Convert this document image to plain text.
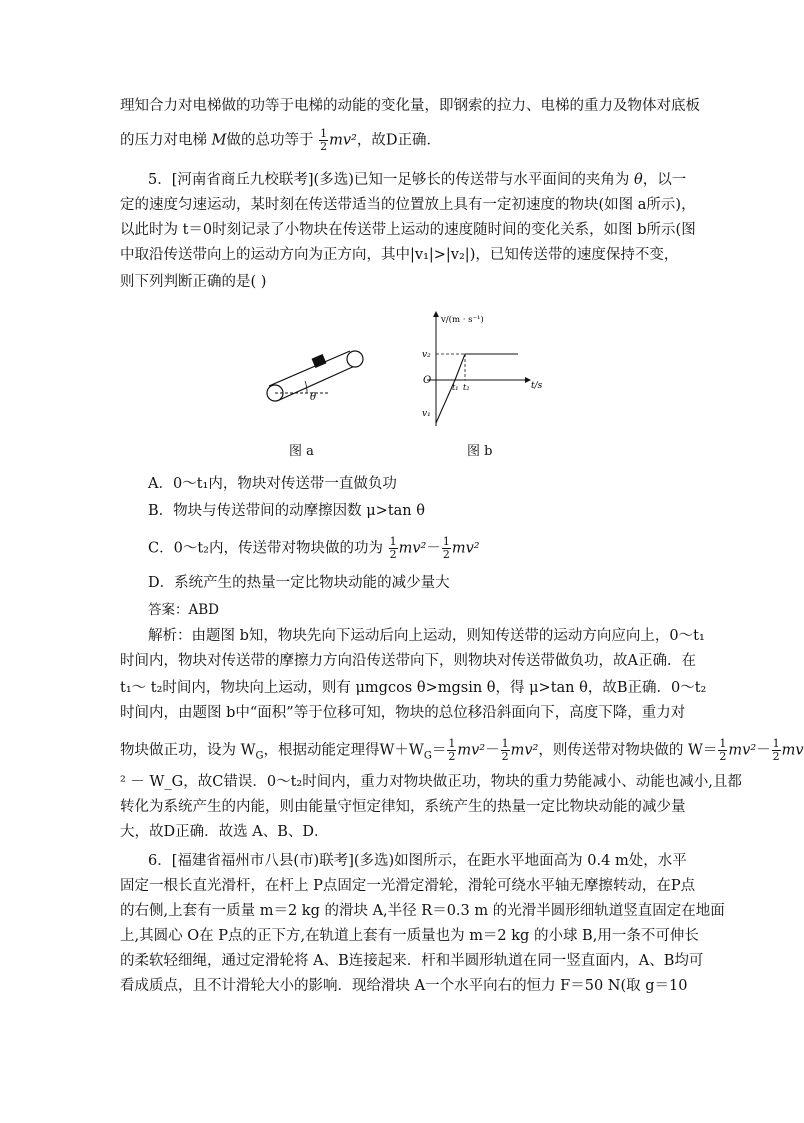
理知合力对电梯做的功等于电梯的动能的变化量，即钢索的拉力、电梯的重力及物体对底板
的压力对电梯 M做的总功等于 $\frac{1}{2} mv^2$，故D正确．
5．[河南省商丘九校联考](多选)已知一足够长的传送带与水平面间的夹角为 θ，以一
定的速度匀速运动，某时刻在传送带适当的位置放上具有一定初速度的物块(如图 a所示)，
以此时为 t＝0时刻记录了小物块在传送带上运动的速度随时间的变化关系，如图 b所示(图
中取沿传送带向上的运动方向为正方向，其中|v₁|>|v₂|)，已知传送带的速度保持不变，
则下列判断正确的是( )
θ
图 a
v/(m · s⁻¹)
t/s
O
v₂
v₁
t₁ t₂
图 b
A．0～t₁内，物块对传送带一直做负功
B．物块与传送带间的动摩擦因数 μ>tan θ
C．0～t₂内，传送带对物块做的功为 $\frac{1}{2} mv^2- \frac{1}{2} mv^2$
D．系统产生的热量一定比物块动能的减少量大
答案：ABD
解析：由题图 b知，物块先向下运动后向上运动，则知传送带的运动方向应向上，0～t₁
时间内，物块对传送带的摩擦力方向沿传送带向下，则物块对传送带做负功，故A正确．在
t₁～ t₂时间内，物块向上运动，则有 μmgcos θ>mgsin θ，得 μ>tan θ，故B正确．0～t₂
时间内，由题图 b中“面积”等于位移可知，物块的总位移沿斜面向下，高度下降，重力对
物块做正功，设为 $W_G$，根据动能定理得$W+W_G= \frac{1}{2} mv^2- \frac{1}{2} mv^2$，则传送带对物块做的 $W= \frac{1}{2} mv^2- \frac{1}{2}$ mv
² － W_G，故C错误．0～t₂时间内，重力对物块做正功，物块的重力势能减小、动能也减小,且都
转化为系统产生的内能，则由能量守恒定律知，系统产生的热量一定比物块动能的减少量
大，故D正确．故选 A、B、D．
6．[福建省福州市八县(市)联考](多选)如图所示，在距水平地面高为 0.4 m处，水平
固定一根长直光滑杆，在杆上 P点固定一光滑定滑轮，滑轮可绕水平轴无摩擦转动，在P点
的右侧,上套有一质量 m＝2 kg 的滑块 A,半径 R＝0.3 m 的光滑半圆形细轨道竖直固定在地面
上,其圆心 O在 P点的正下方,在轨道上套有一质量也为 m＝2 kg 的小球 B,用一条不可伸长
的柔软轻细绳，通过定滑轮将 A、B连接起来．杆和半圆形轨道在同一竖直面内，A、B均可
看成质点，且不计滑轮大小的影响．现给滑块 A一个水平向右的恒力 F＝50 N(取 g＝10
